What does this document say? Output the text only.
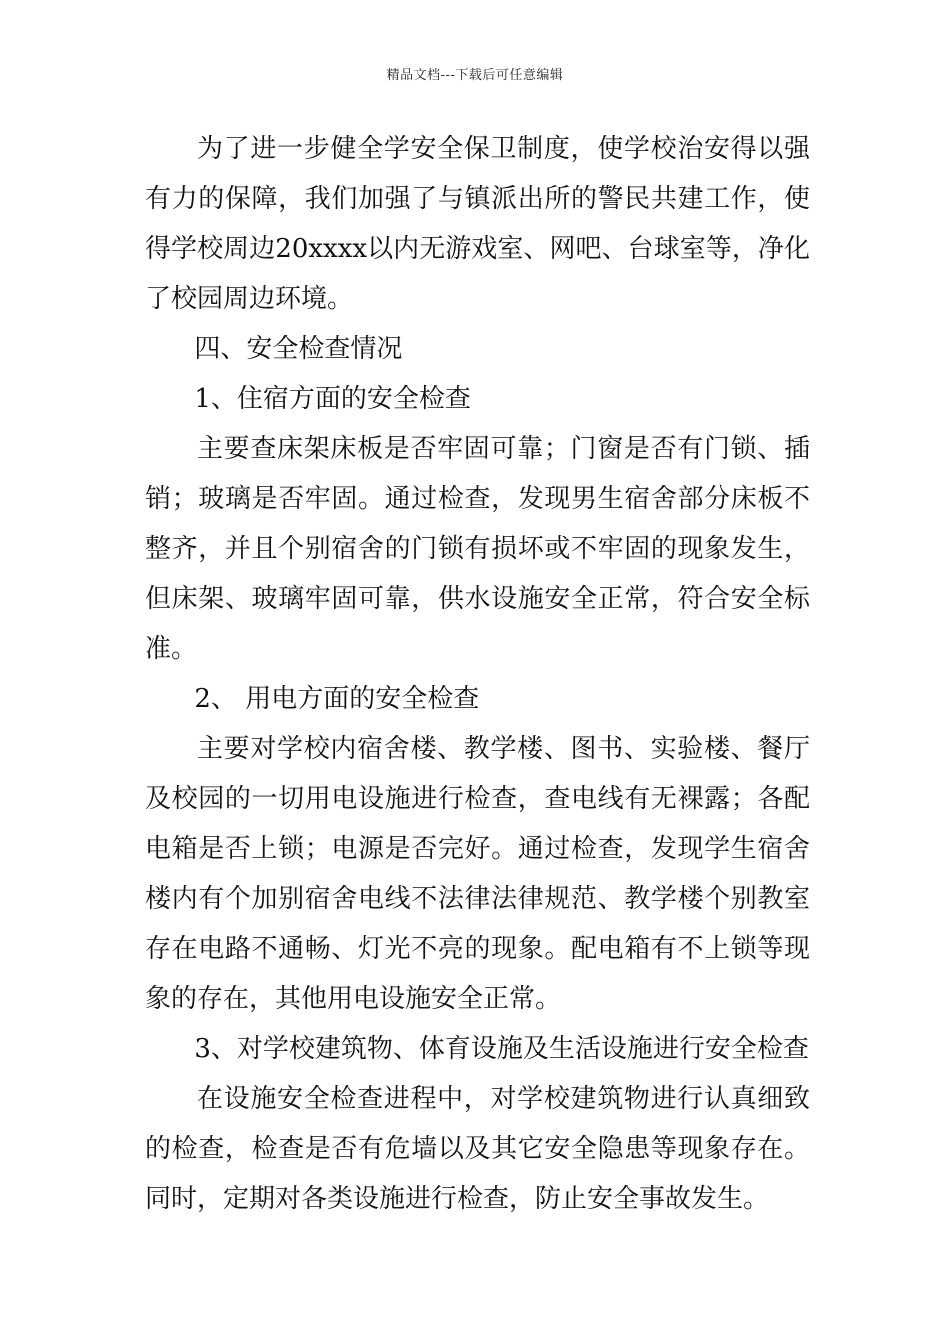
精品文档---下载后可任意编辑

为了进一步健全学安全保卫制度，使学校治安得以强有力的保障，我们加强了与镇派出所的警民共建工作，使得学校周边20xxxx以内无游戏室、网吧、台球室等，净化了校园周边环境。

四、安全检查情况

1、住宿方面的安全检查

主要查床架床板是否牢固可靠；门窗是否有门锁、插销；玻璃是否牢固。通过检查，发现男生宿舍部分床板不整齐，并且个别宿舍的门锁有损坏或不牢固的现象发生，但床架、玻璃牢固可靠，供水设施安全正常，符合安全标准。

2、 用电方面的安全检查

主要对学校内宿舍楼、教学楼、图书、实验楼、餐厅及校园的一切用电设施进行检查，查电线有无裸露；各配电箱是否上锁；电源是否完好。通过检查，发现学生宿舍楼内有个加别宿舍电线不法律法律规范、教学楼个别教室存在电路不通畅、灯光不亮的现象。配电箱有不上锁等现象的存在，其他用电设施安全正常。

3、对学校建筑物、体育设施及生活设施进行安全检查

在设施安全检查进程中，对学校建筑物进行认真细致的检查，检查是否有危墙以及其它安全隐患等现象存在。同时，定期对各类设施进行检查，防止安全事故发生。
